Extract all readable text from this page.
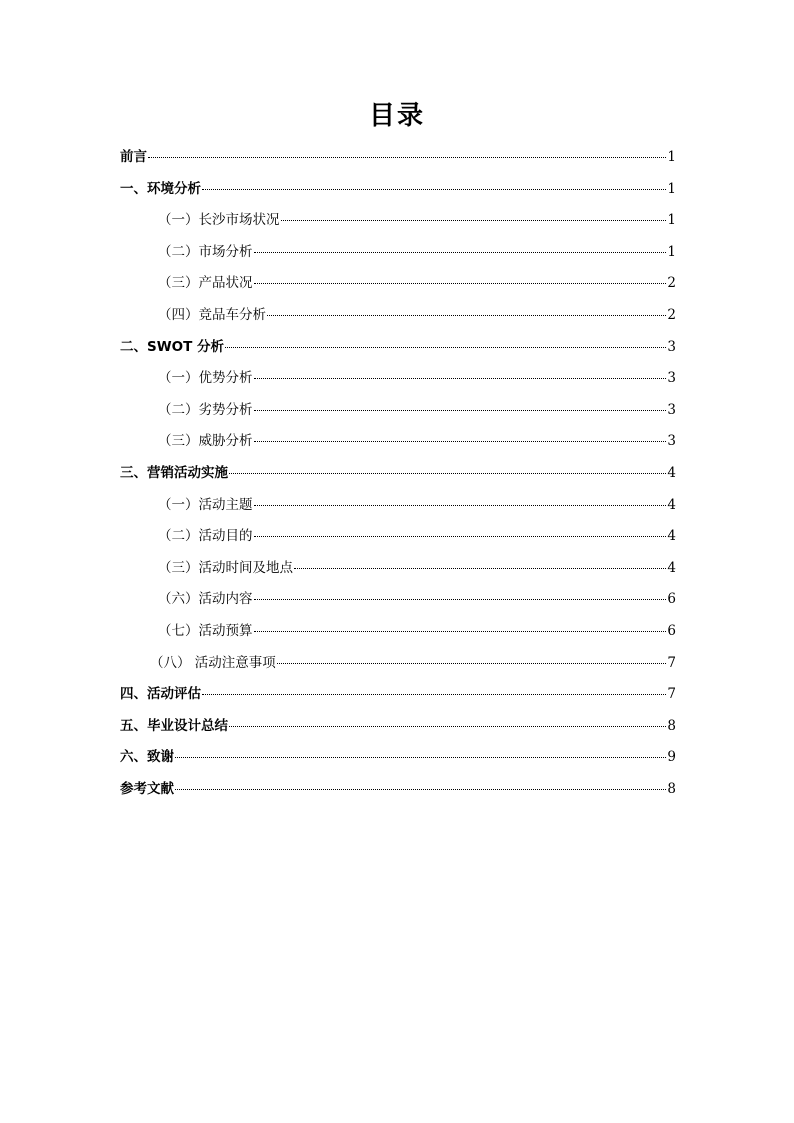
目录
前言	1
一、环境分析	1
（一）长沙市场状况	1
（二）市场分析	1
（三）产品状况	2
（四）竞品车分析	2
二、SWOT 分析	3
（一）优势分析	3
（二）劣势分析	3
（三）威胁分析	3
三、营销活动实施	4
（一）活动主题	4
（二）活动目的	4
（三）活动时间及地点	4
（六）活动内容	6
（七）活动预算	6
（八） 活动注意事项	7
四、活动评估	7
五、毕业设计总结	8
六、致谢	9
参考文献	8
